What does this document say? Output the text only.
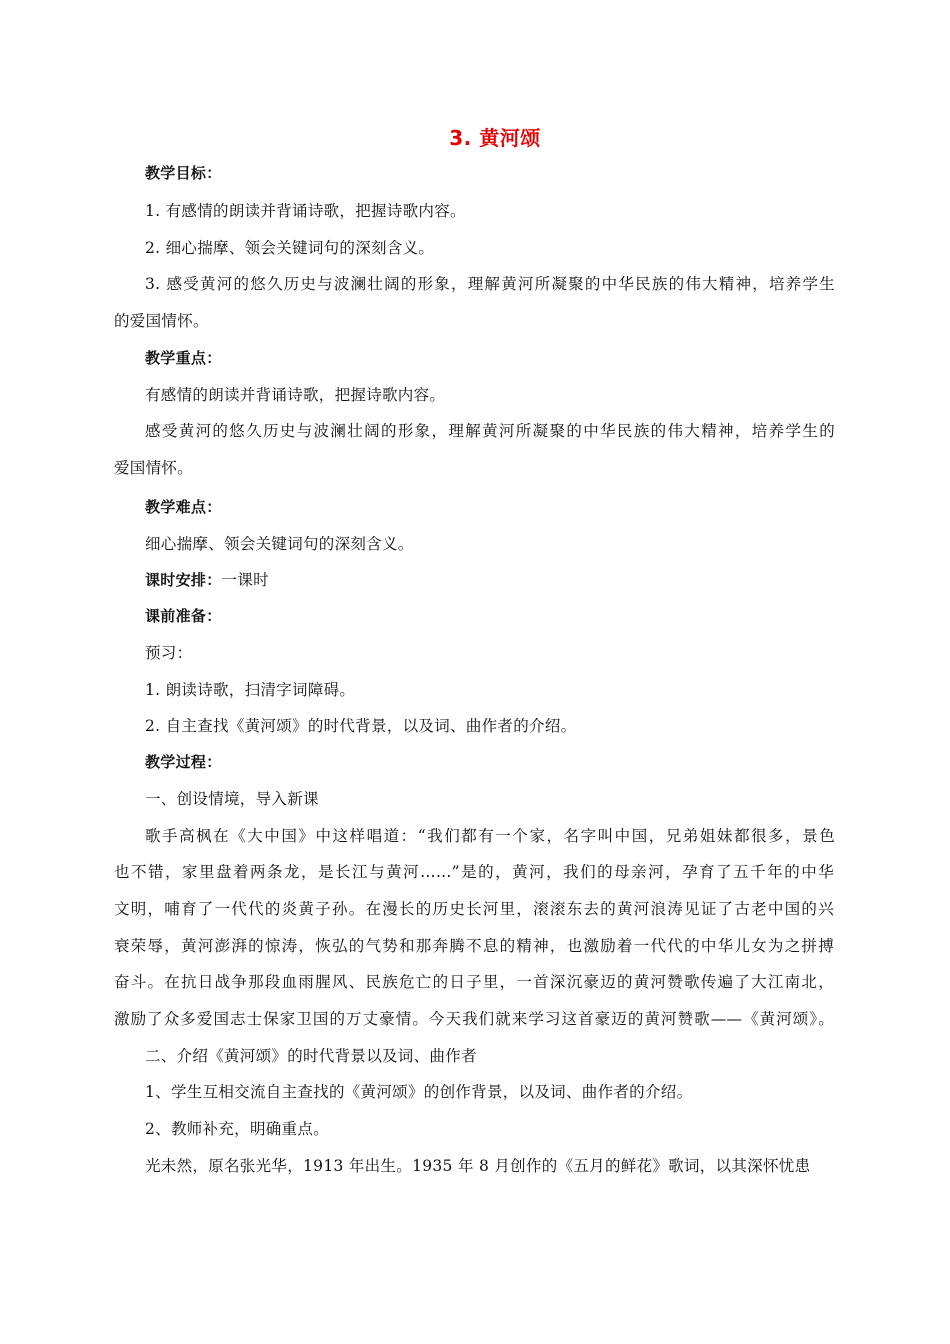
3. 黄河颂
教学目标：
1. 有感情的朗读并背诵诗歌，把握诗歌内容。
2. 细心揣摩、领会关键词句的深刻含义。
3. 感受黄河的悠久历史与波澜壮阔的形象，理解黄河所凝聚的中华民族的伟大精神，培养学生
的爱国情怀。
教学重点：
有感情的朗读并背诵诗歌，把握诗歌内容。
感受黄河的悠久历史与波澜壮阔的形象，理解黄河所凝聚的中华民族的伟大精神，培养学生的
爱国情怀。
教学难点：
细心揣摩、领会关键词句的深刻含义。
课时安排：一课时
课前准备：
预习：
1. 朗读诗歌，扫清字词障碍。
2. 自主查找《黄河颂》的时代背景，以及词、曲作者的介绍。
教学过程：
一、创设情境，导入新课
歌手高枫在《大中国》中这样唱道：“我们都有一个家，名字叫中国，兄弟姐妹都很多，景色
也不错，家里盘着两条龙，是长江与黄河……”是的，黄河，我们的母亲河，孕育了五千年的中华
文明，哺育了一代代的炎黄子孙。在漫长的历史长河里，滚滚东去的黄河浪涛见证了古老中国的兴
衰荣辱，黄河澎湃的惊涛，恢弘的气势和那奔腾不息的精神，也激励着一代代的中华儿女为之拼搏
奋斗。在抗日战争那段血雨腥风、民族危亡的日子里，一首深沉豪迈的黄河赞歌传遍了大江南北，
激励了众多爱国志士保家卫国的万丈豪情。今天我们就来学习这首豪迈的黄河赞歌——《黄河颂》。
二、介绍《黄河颂》的时代背景以及词、曲作者
1、学生互相交流自主查找的《黄河颂》的创作背景，以及词、曲作者的介绍。
2、教师补充，明确重点。
光未然，原名张光华，1913 年出生。1935 年 8 月创作的《五月的鲜花》歌词，以其深怀忧患
